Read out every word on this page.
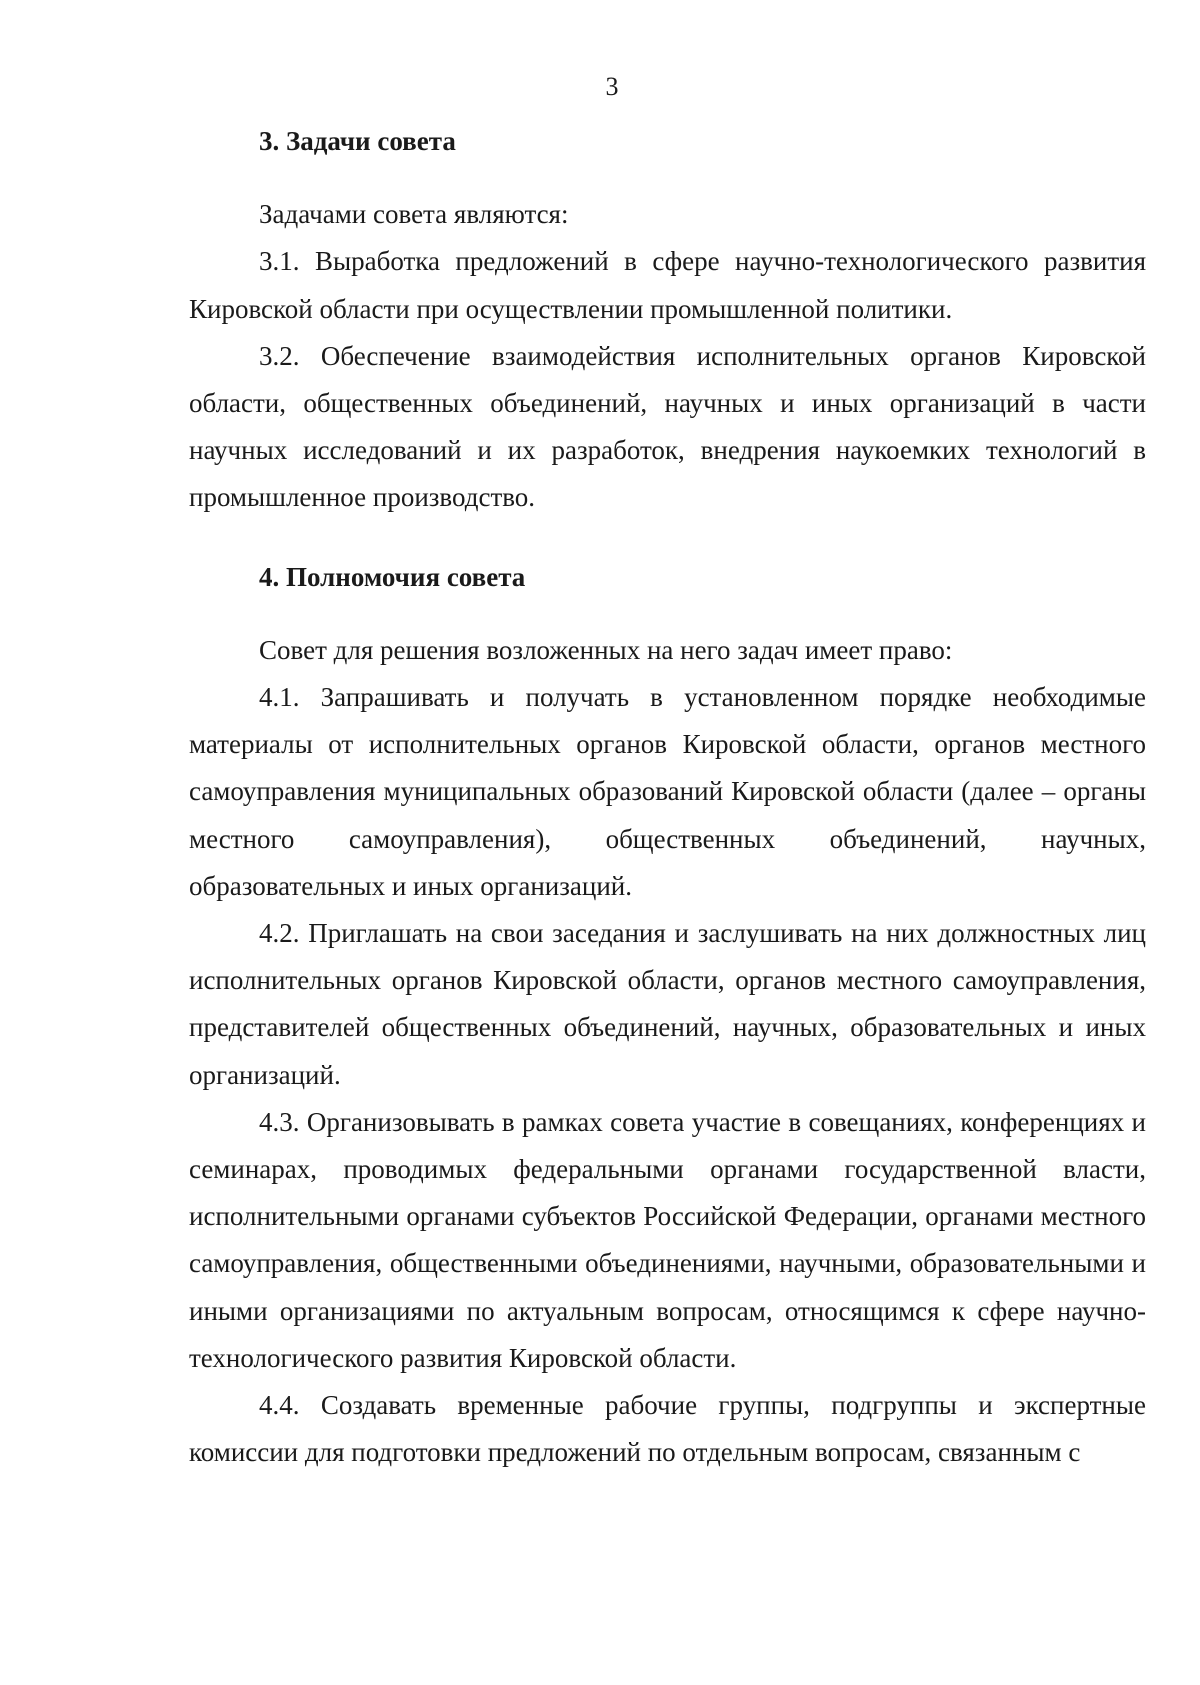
3

3. Задачи совета

Задачами совета являются:

3.1. Выработка предложений в сфере научно-технологического развития Кировской области при осуществлении промышленной политики.

3.2. Обеспечение взаимодействия исполнительных органов Кировской области, общественных объединений, научных и иных организаций в части научных исследований и их разработок, внедрения наукоемких технологий в промышленное производство.

4. Полномочия совета

Совет для решения возложенных на него задач имеет право:

4.1. Запрашивать и получать в установленном порядке необходимые материалы от исполнительных органов Кировской области, органов местного самоуправления муниципальных образований Кировской области (далее – органы местного самоуправления), общественных объединений, научных, образовательных и иных организаций.

4.2. Приглашать на свои заседания и заслушивать на них должностных лиц исполнительных органов Кировской области, органов местного самоуправления, представителей общественных объединений, научных, образовательных и иных организаций.

4.3. Организовывать в рамках совета участие в совещаниях, конференциях и семинарах, проводимых федеральными органами государственной власти, исполнительными органами субъектов Российской Федерации, органами местного самоуправления, общественными объединениями, научными, образовательными и иными организациями по актуальным вопросам, относящимся к сфере научно-технологического развития Кировской области.

4.4. Создавать временные рабочие группы, подгруппы и экспертные комиссии для подготовки предложений по отдельным вопросам, связанным с
